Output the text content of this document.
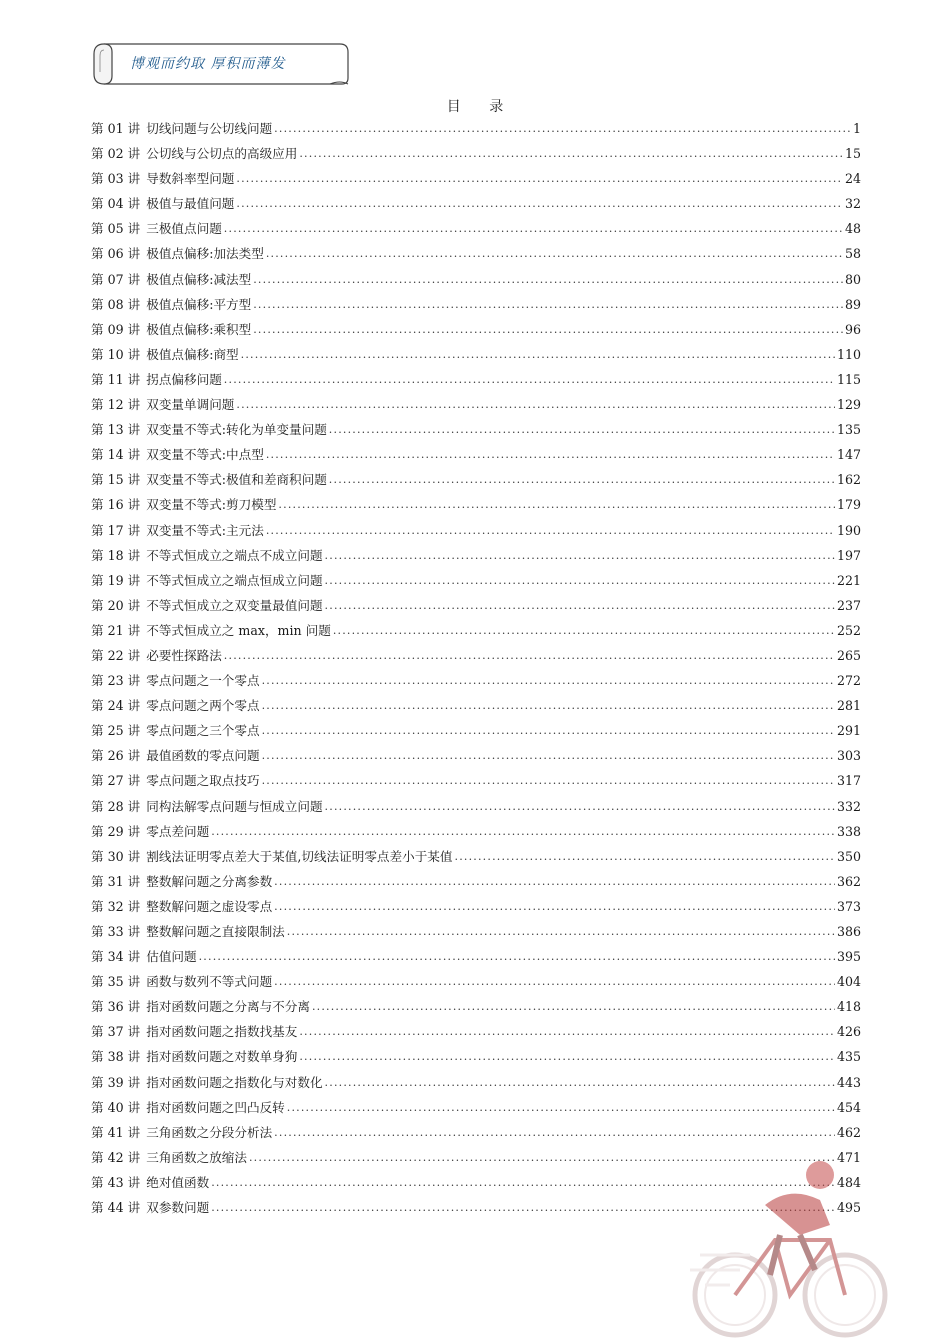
博观而约取 厚积而薄发
目 录
第 01 讲 切线问题与公切线问题 .....	1
第 02 讲 公切线与公切点的高级应用 .....	15
第 03 讲 导数斜率型问题 .....	24
第 04 讲 极值与最值问题 .....	32
第 05 讲 三极值点问题 .....	48
第 06 讲 极值点偏移:加法类型 .....	58
第 07 讲 极值点偏移:减法型 .....	80
第 08 讲 极值点偏移:平方型 .....	89
第 09 讲 极值点偏移:乘积型 .....	96
第 10 讲 极值点偏移:商型 .....	110
第 11 讲 拐点偏移问题 .....	115
第 12 讲 双变量单调问题 .....	129
第 13 讲 双变量不等式:转化为单变量问题 .....	135
第 14 讲 双变量不等式:中点型 .....	147
第 15 讲 双变量不等式:极值和差商积问题 .....	162
第 16 讲 双变量不等式:剪刀模型 .....	179
第 17 讲 双变量不等式:主元法 .....	190
第 18 讲 不等式恒成立之端点不成立问题 .....	197
第 19 讲 不等式恒成立之端点恒成立问题 .....	221
第 20 讲 不等式恒成立之双变量最值问题 .....	237
第 21 讲 不等式恒成立之 max，min 问题 .....	252
第 22 讲 必要性探路法 .....	265
第 23 讲 零点问题之一个零点 .....	272
第 24 讲 零点问题之两个零点 .....	281
第 25 讲 零点问题之三个零点 .....	291
第 26 讲 最值函数的零点问题 .....	303
第 27 讲 零点问题之取点技巧 .....	317
第 28 讲 同构法解零点问题与恒成立问题 .....	332
第 29 讲 零点差问题 .....	338
第 30 讲 割线法证明零点差大于某值,切线法证明零点差小于某值 .....	350
第 31 讲 整数解问题之分离参数 .....	362
第 32 讲 整数解问题之虚设零点 .....	373
第 33 讲 整数解问题之直接限制法 .....	386
第 34 讲 估值问题 .....	395
第 35 讲 函数与数列不等式问题 .....	404
第 36 讲 指对函数问题之分离与不分离 .....	418
第 37 讲 指对函数问题之指数找基友 .....	426
第 38 讲 指对函数问题之对数单身狗 .....	435
第 39 讲 指对函数问题之指数化与对数化 .....	443
第 40 讲 指对函数问题之凹凸反转 .....	454
第 41 讲 三角函数之分段分析法 .....	462
第 42 讲 三角函数之放缩法 .....	471
第 43 讲 绝对值函数 .....	484
第 44 讲 双参数问题 .....	495
